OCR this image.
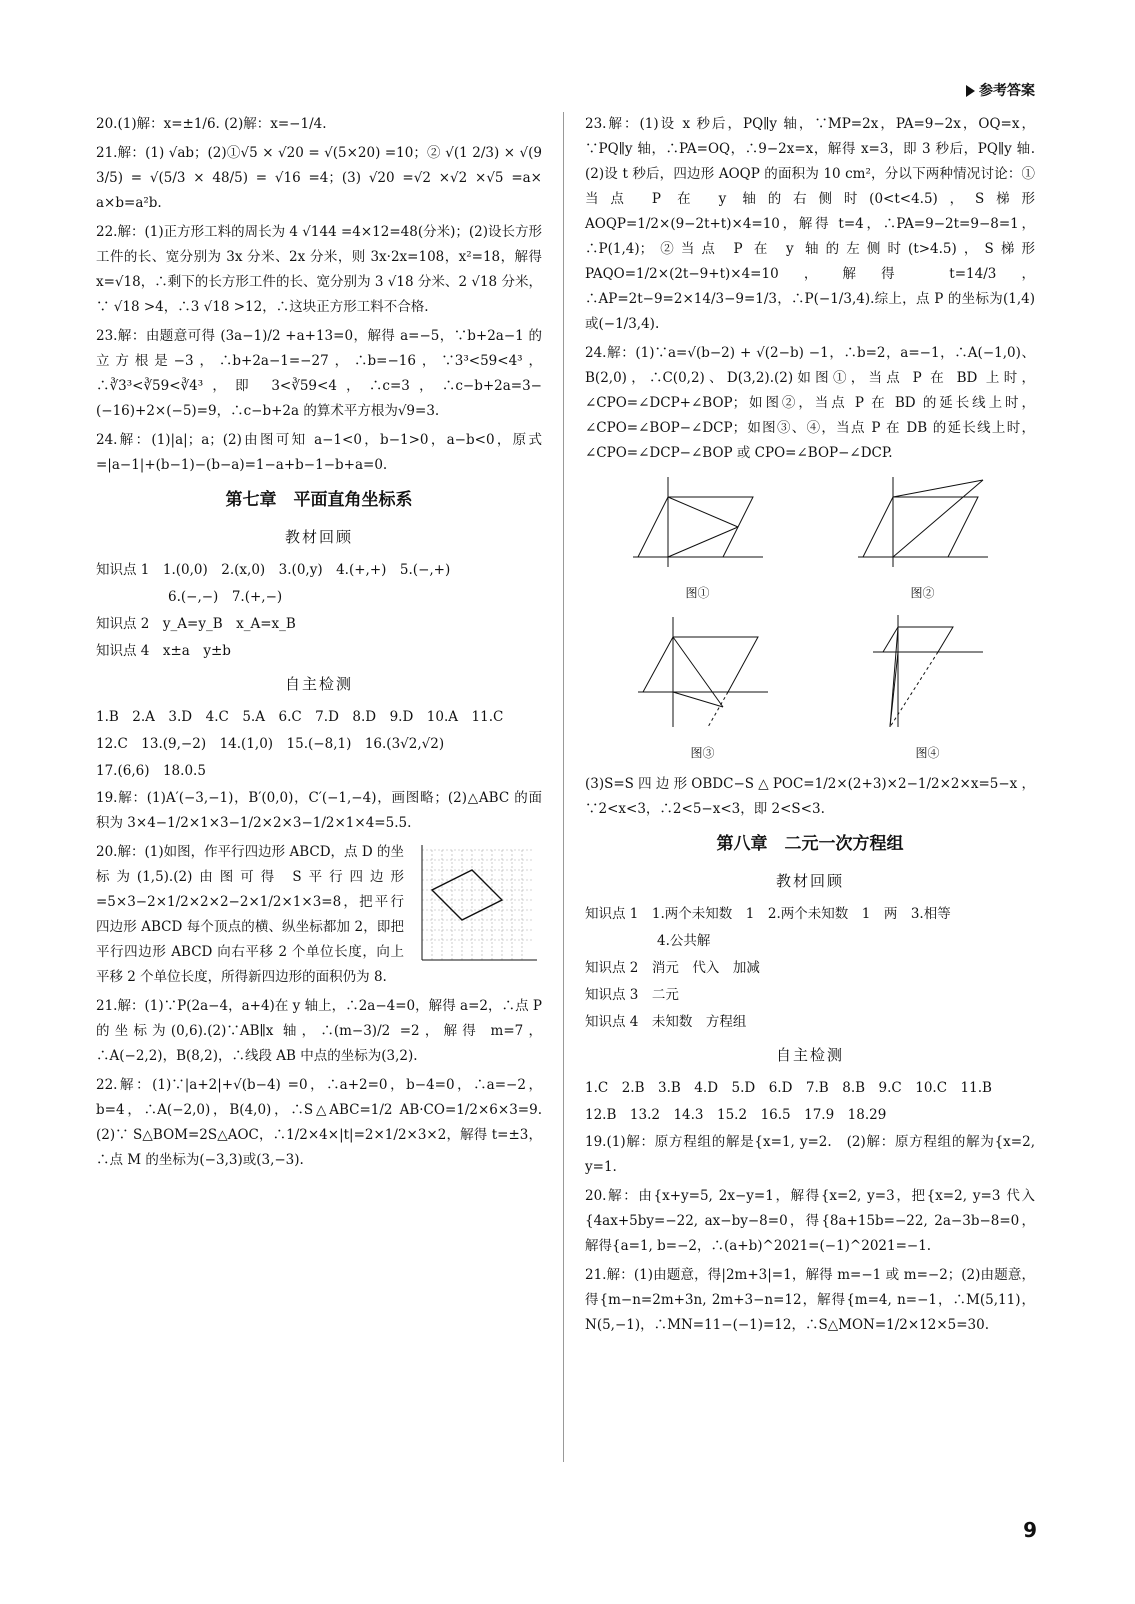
参考答案

20.(1)解：x=±1/6. (2)解：x=−1/4.

21.解：(1) √ab；(2)①√5 × √20 = √(5×20) =10；② √(1 2/3) × √(9 3/5) = √(5/3 × 48/5) = √16 =4；(3) √20 =√2 ×√2 ×√5 =a× a×b=a²b.

22.解：(1)正方形工料的周长为 4 √144 =4×12=48(分米)；(2)设长方形工件的长、宽分别为 3x 分米、2x 分米，则 3x·2x=108，x²=18，解得 x=√18，∴剩下的长方形工件的长、宽分别为 3 √18 分米、2 √18 分米，∵ √18 >4，∴3 √18 >12，∴这块正方形工料不合格.

23.解：由题意可得 (3a−1)/2 +a+13=0，解得 a=−5，∵b+2a−1 的立方根是−3，∴b+2a−1=−27，∴b=−16，∵3³<59<4³，∴∛3³<∛59<∛4³，即 3<∛59<4，∴c=3，∴c−b+2a=3−(−16)+2×(−5)=9，∴c−b+2a 的算术平方根为√9=3.

24.解：(1)|a|；a；(2)由图可知 a−1<0，b−1>0，a−b<0，原式=|a−1|+(b−1)−(b−a)=1−a+b−1−b+a=0.

第七章　平面直角坐标系
教材回顾
知识点 1　1.(0,0)　2.(x,0)　3.(0,y)　4.(+,+)　5.(−,+)
6.(−,−)　7.(+,−)
知识点 2　y_A=y_B　x_A=x_B
知识点 4　x±a　y±b
自主检测
1.B　2.A　3.D　4.C　5.A　6.C　7.D　8.D　9.D　10.A　11.C
12.C　13.(9,−2)　14.(1,0)　15.(−8,1)　16.(3√2,√2)
17.(6,6)　18.0.5

19.解：(1)A′(−3,−1)，B′(0,0)，C′(−1,−4)，画图略；(2)△ABC 的面积为 3×4−1/2×1×3−1/2×2×3−1/2×1×4=5.5.

20.解：(1)如图，作平行四边形 ABCD，点 D 的坐标为(1,5).(2)由图可得 S平行四边形=5×3−2×1/2×2×2−2×1/2×1×3=8，把平行四边形 ABCD 每个顶点的横、纵坐标都加 2，即把平行四边形 ABCD 向右平移 2 个单位长度，向上平移 2 个单位长度，所得新四边形的面积仍为 8.

21.解：(1)∵P(2a−4，a+4)在 y 轴上，∴2a−4=0，解得 a=2，∴点 P 的坐标为(0,6).(2)∵AB∥x 轴，∴(m−3)/2 =2，解得 m=7，∴A(−2,2)，B(8,2)，∴线段 AB 中点的坐标为(3,2).

22.解：(1)∵|a+2|+√(b−4) =0，∴a+2=0，b−4=0，∴a=−2，b=4，∴A(−2,0)，B(4,0)，∴S△ABC=1/2 AB·CO=1/2×6×3=9.(2)∵ S△BOM=2S△AOC，∴1/2×4×|t|=2×1/2×3×2，解得 t=±3，∴点 M 的坐标为(−3,3)或(3,−3).

23.解：(1)设 x 秒后，PQ∥y 轴，∵MP=2x，PA=9−2x，OQ=x，∵PQ∥y 轴，∴PA=OQ，∴9−2x=x，解得 x=3，即 3 秒后，PQ∥y 轴.(2)设 t 秒后，四边形 AOQP 的面积为 10 cm²，分以下两种情况讨论：①当点 P 在 y 轴的右侧时(0<t<4.5)，S梯形AOQP=1/2×(9−2t+t)×4=10，解得 t=4，∴PA=9−2t=9−8=1，∴P(1,4)；②当点 P 在 y 轴的左侧时(t>4.5)，S梯形PAQO=1/2×(2t−9+t)×4=10，解得 t=14/3，∴AP=2t−9=2×14/3−9=1/3，∴P(−1/3,4).综上，点 P 的坐标为(1,4)或(−1/3,4).

24.解：(1)∵a=√(b−2) + √(2−b) −1，∴b=2，a=−1，∴A(−1,0)、B(2,0)，∴C(0,2)、D(3,2).(2)如图①，当点 P 在 BD 上时，∠CPO=∠DCP+∠BOP；如图②，当点 P 在 BD 的延长线上时，∠CPO=∠BOP−∠DCP；如图③、④，当点 P 在 DB 的延长线上时，∠CPO=∠DCP−∠BOP 或 CPO=∠BOP−∠DCP.

图①	图②
图③	图④

(3)S=S四边形OBDC−S△POC=1/2×(2+3)×2−1/2×2×x=5−x，∵2<x<3，∴2<5−x<3，即 2<S<3.

第八章　二元一次方程组
教材回顾
知识点 1　1.两个未知数　1　2.两个未知数　1　两　3.相等
4.公共解
知识点 2　消元　代入　加减
知识点 3　二元
知识点 4　未知数　方程组
自主检测
1.C　2.B　3.B　4.D　5.D　6.D　7.B　8.B　9.C　10.C　11.B
12.B　13.2　14.3　15.2　16.5　17.9　18.29

19.(1)解：原方程组的解是{x=1, y=2.　(2)解：原方程组的解为{x=2, y=1.

20.解：由{x+y=5, 2x−y=1，解得{x=2, y=3，把{x=2, y=3 代入{4ax+5by=−22, ax−by−8=0，得{8a+15b=−22, 2a−3b−8=0，解得{a=1, b=−2，∴(a+b)^2021=(−1)^2021=−1.

21.解：(1)由题意，得|2m+3|=1，解得 m=−1 或 m=−2；(2)由题意，得{m−n=2m+3n, 2m+3−n=12，解得{m=4, n=−1，∴M(5,11)，N(5,−1)，∴MN=11−(−1)=12，∴S△MON=1/2×12×5=30.

9
